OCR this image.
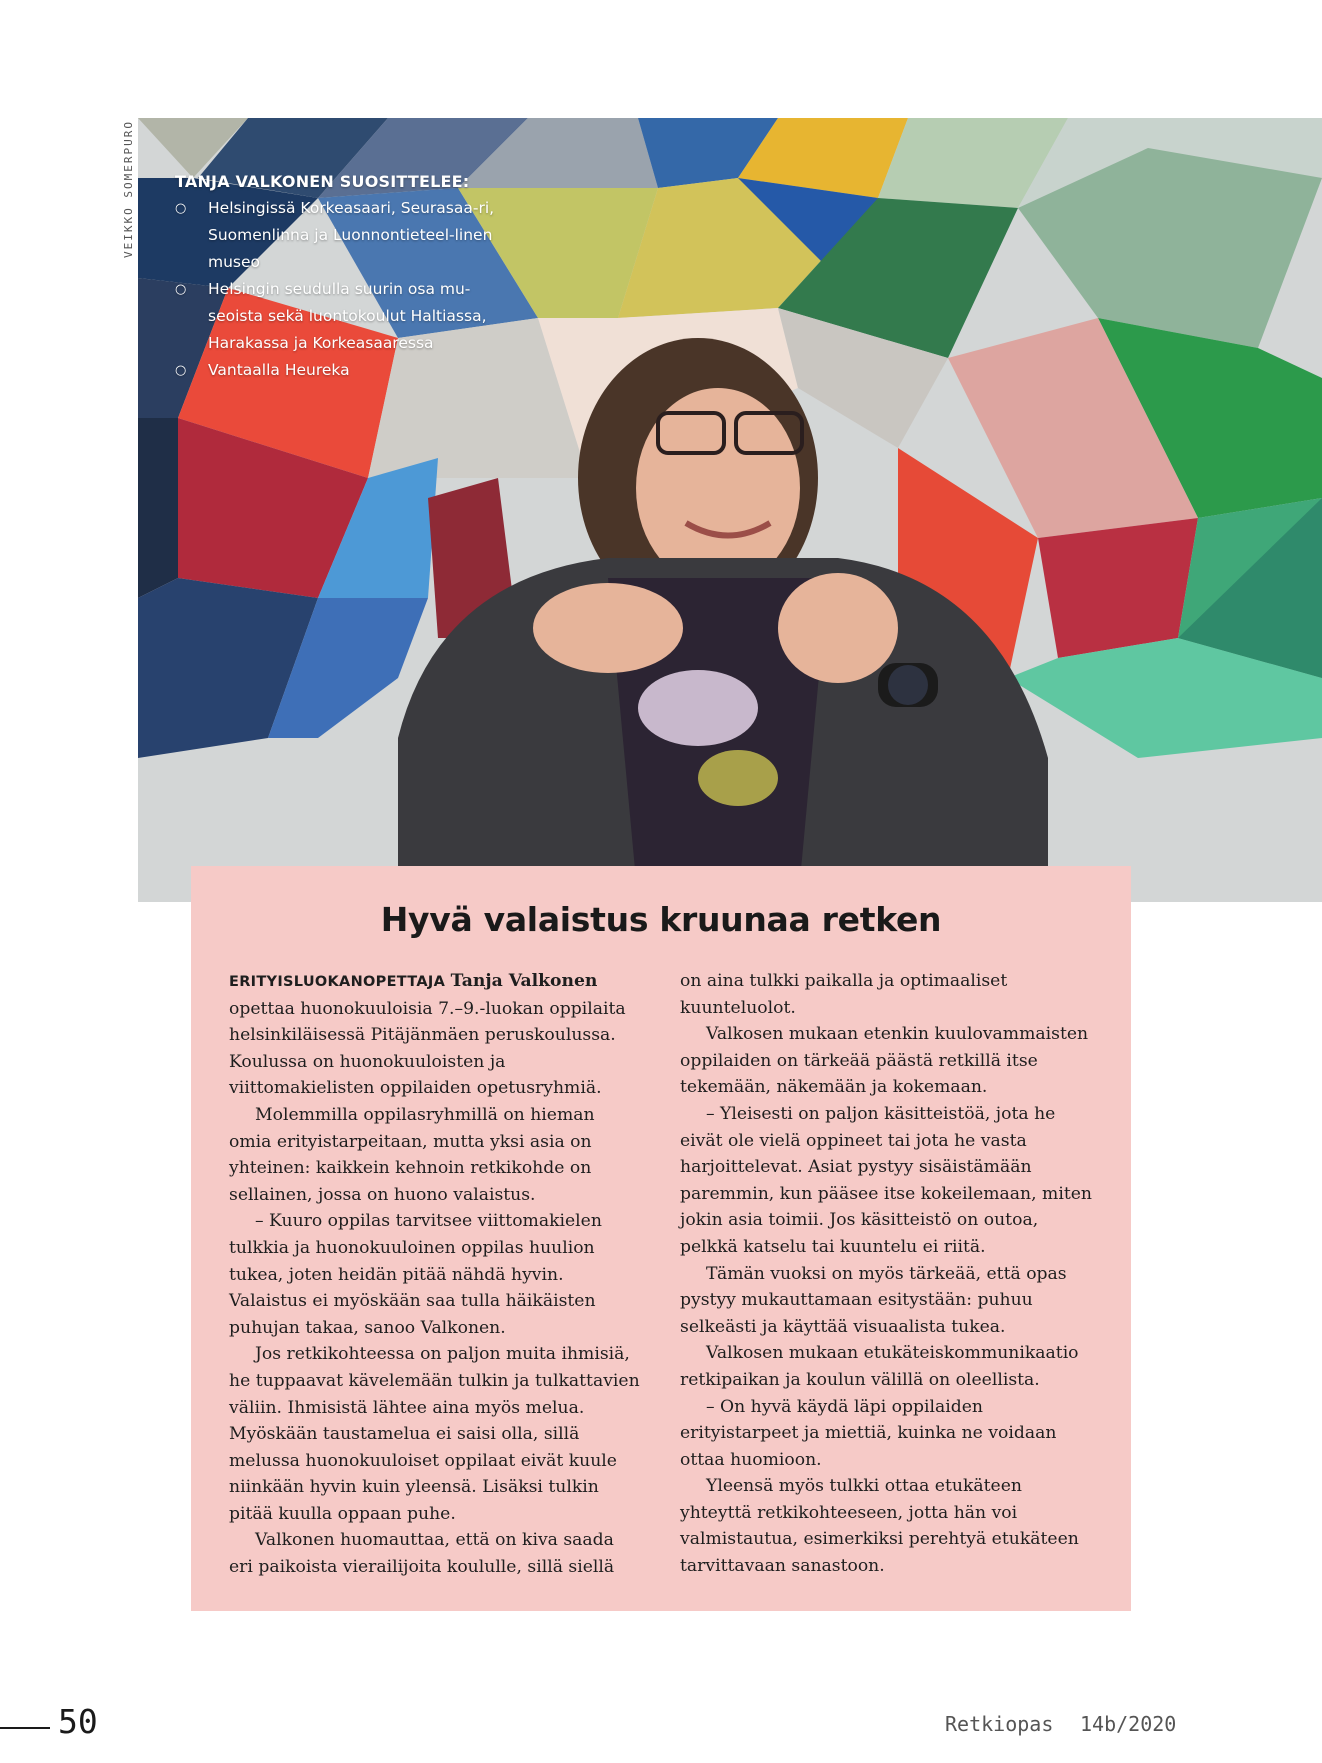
VEIKKO SOMERPURO	TANJA VALKONEN SUOSITTELEE:
○ Helsingissä Korkeasaari, Seurasaa-ri, Suomenlinna ja Luonnontieteel-linen museo
○ Helsingin seudulla suurin osa mu-seoista sekä luontokoulut Haltiassa, Harakassa ja Korkeasaaressa
○ Vantaalla Heureka
Hyvä valaistus kruunaa retken

ERITYISLUOKANOPETTAJA Tanja Valkonen opettaa huonokuuloisia 7.–9.-luokan oppilaita helsinkiläisessä Pitäjänmäen peruskoulussa. Koulussa on huonokuuloisten ja viittomakielisten oppilaiden opetusryhmiä.

Molemmilla oppilasryhmillä on hieman omia erityistarpeitaan, mutta yksi asia on yhteinen: kaikkein kehnoin retkikohde on sellainen, jossa on huono valaistus.

– Kuuro oppilas tarvitsee viittomakielen tulkkia ja huonokuuloinen oppilas huulion tukea, joten heidän pitää nähdä hyvin. Valaistus ei myöskään saa tulla häikäisten puhujan takaa, sanoo Valkonen.

Jos retkikohteessa on paljon muita ihmisiä, he tuppaavat kävelemään tulkin ja tulkattavien väliin. Ihmisistä lähtee aina myös melua. Myöskään taustamelua ei saisi olla, sillä melussa huonokuuloiset oppilaat eivät kuule niinkään hyvin kuin yleensä. Lisäksi tulkin pitää kuulla oppaan puhe.

Valkonen huomauttaa, että on kiva saada eri paikoista vierailijoita koululle, sillä siellä

on aina tulkki paikalla ja optimaaliset kuunteluolot.

Valkosen mukaan etenkin kuulovammaisten oppilaiden on tärkeää päästä retkillä itse tekemään, näkemään ja kokemaan.

– Yleisesti on paljon käsitteistöä, jota he eivät ole vielä oppineet tai jota he vasta harjoittelevat. Asiat pystyy sisäistämään paremmin, kun pääsee itse kokeilemaan, miten jokin asia toimii. Jos käsitteistö on outoa, pelkkä katselu tai kuuntelu ei riitä.

Tämän vuoksi on myös tärkeää, että opas pystyy mukauttamaan esitystään: puhuu selkeästi ja käyttää visuaalista tukea.

Valkosen mukaan etukäteiskommunikaatio retkipaikan ja koulun välillä on oleellista.

– On hyvä käydä läpi oppilaiden erityistarpeet ja miettiä, kuinka ne voidaan ottaa huomioon.

Yleensä myös tulkki ottaa etukäteen yhteyttä retkikohteeseen, jotta hän voi valmistautua, esimerkiksi perehtyä etukäteen tarvittavaan sanastoon.

50	Retkiopas 14b/2020
